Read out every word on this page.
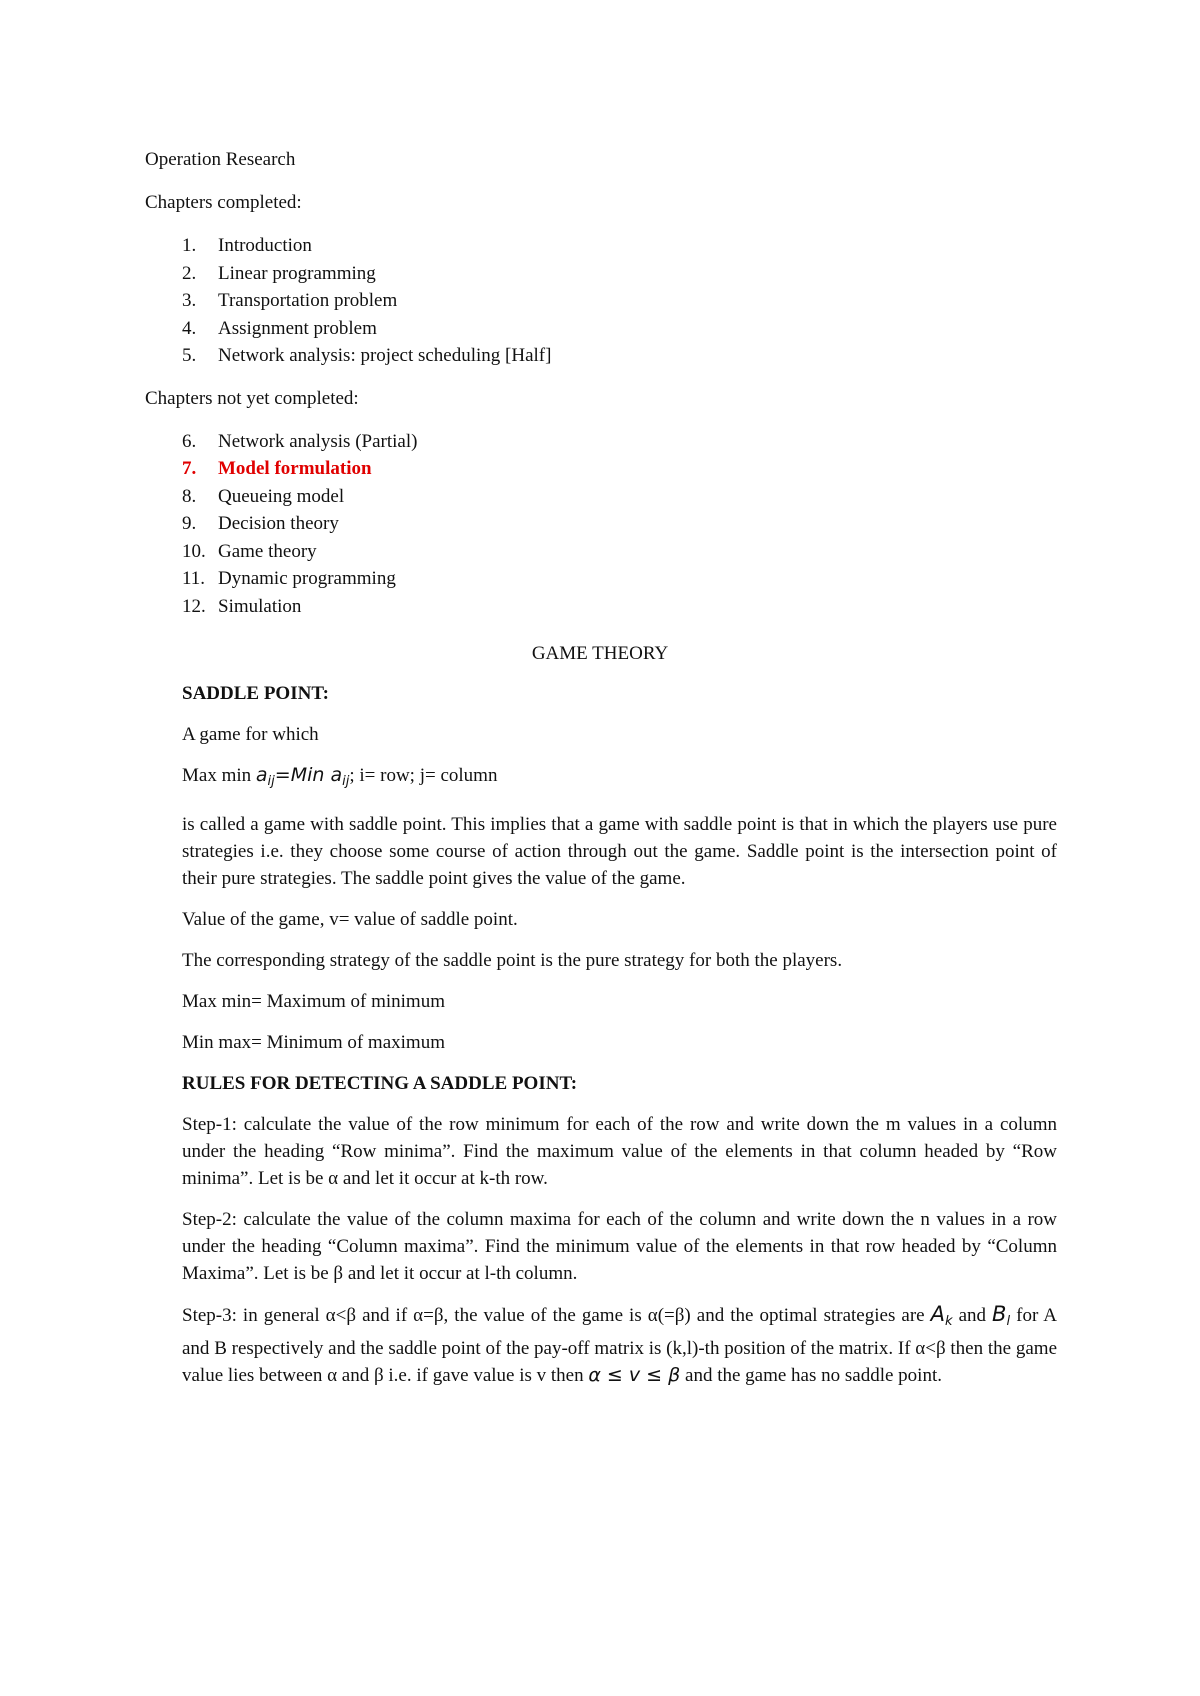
Operation Research

Chapters completed:

1.	Introduction
2.	Linear programming
3.	Transportation problem
4.	Assignment problem
5.	Network analysis: project scheduling [Half]

Chapters not yet completed:

6.	Network analysis (Partial)
7.	Model formulation
8.	Queueing model
9.	Decision theory
10. Game theory
11. Dynamic programming
12. Simulation

GAME THEORY

SADDLE POINT:

A game for which

Max $\min a_{ij}=Min$ $a_{ij}$; i= row; j= column

is called a game with saddle point. This implies that a game with saddle point is that in which the players use pure strategies i.e. they choose some course of action through out the game. Saddle point is the intersection point of their pure strategies. The saddle point gives the value of the game.

Value of the game, v= value of saddle point.

The corresponding strategy of the saddle point is the pure strategy for both the players.

Max min= Maximum of minimum

Min max= Minimum of maximum

RULES FOR DETECTING A SADDLE POINT:

Step-1: calculate the value of the row minimum for each of the row and write down the m values in a column under the heading “Row minima”. Find the maximum value of the elements in that column headed by “Row minima”. Let is be α and let it occur at k-th row.

Step-2: calculate the value of the column maxima for each of the column and write down the n values in a row under the heading “Column maxima”. Find the minimum value of the elements in that row headed by “Column Maxima”. Let is be β and let it occur at l-th column.

Step-3: in general α<β and if α=β, the value of the game is α(=β) and the optimal strategies are $A_k$ and $B_l$ for A and B respectively and the saddle point of the pay-off matrix is (k,l)-th position of the matrix. If α<β then the game value lies between α and β i.e. if gave value is v then α ≤ v ≤ β and the game has no saddle point.
